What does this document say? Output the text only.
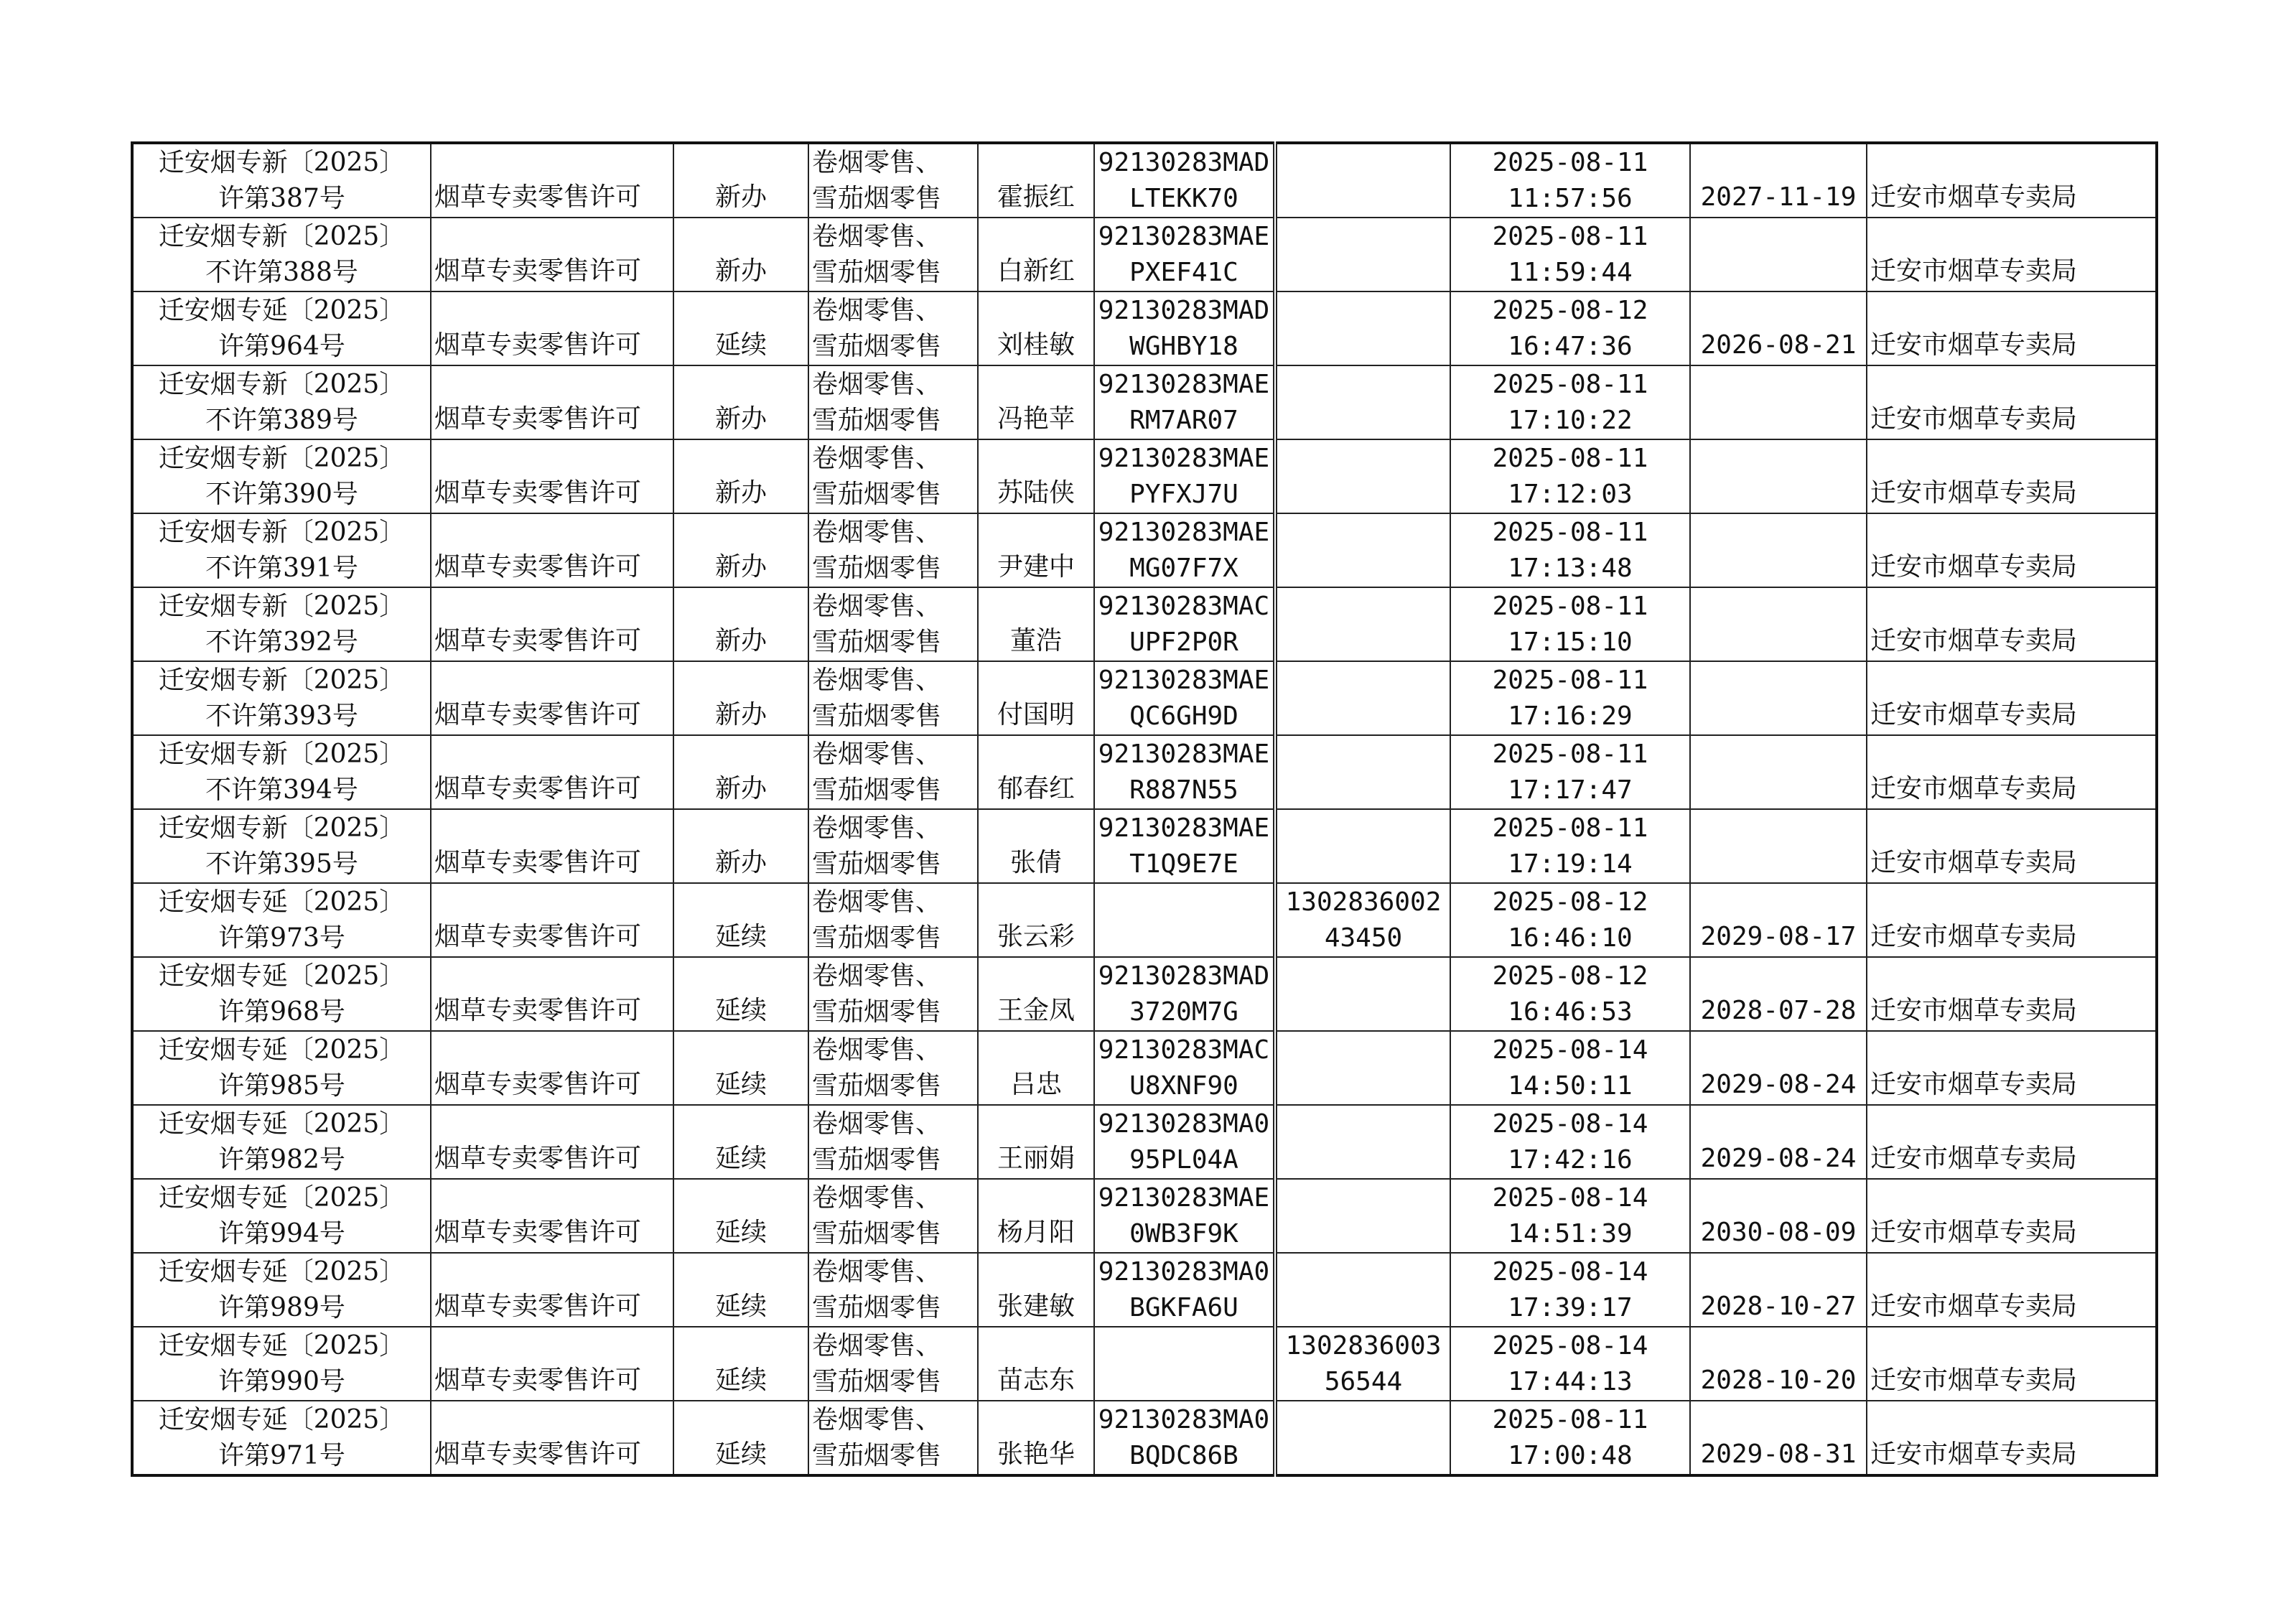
迁安烟专新〔2025〕
许第387号	烟草专卖零售许可	新办	卷烟零售、
雪茄烟零售	霍振红	92130283MAD
LTEKK70		2025-08-11
11:57:56	2027-11-19	迁安市烟草专卖局

迁安烟专新〔2025〕
不许第388号	烟草专卖零售许可	新办	卷烟零售、
雪茄烟零售	白新红	92130283MAE
PXEF41C		2025-08-11
11:59:44		迁安市烟草专卖局

迁安烟专延〔2025〕
许第964号	烟草专卖零售许可	延续	卷烟零售、
雪茄烟零售	刘桂敏	92130283MAD
WGHBY18		2025-08-12
16:47:36	2026-08-21	迁安市烟草专卖局

迁安烟专新〔2025〕
不许第389号	烟草专卖零售许可	新办	卷烟零售、
雪茄烟零售	冯艳苹	92130283MAE
RM7AR07		2025-08-11
17:10:22		迁安市烟草专卖局

迁安烟专新〔2025〕
不许第390号	烟草专卖零售许可	新办	卷烟零售、
雪茄烟零售	苏陆侠	92130283MAE
PYFXJ7U		2025-08-11
17:12:03		迁安市烟草专卖局

迁安烟专新〔2025〕
不许第391号	烟草专卖零售许可	新办	卷烟零售、
雪茄烟零售	尹建中	92130283MAE
MG07F7X		2025-08-11
17:13:48		迁安市烟草专卖局

迁安烟专新〔2025〕
不许第392号	烟草专卖零售许可	新办	卷烟零售、
雪茄烟零售	董浩	92130283MAC
UPF2P0R		2025-08-11
17:15:10		迁安市烟草专卖局

迁安烟专新〔2025〕
不许第393号	烟草专卖零售许可	新办	卷烟零售、
雪茄烟零售	付国明	92130283MAE
QC6GH9D		2025-08-11
17:16:29		迁安市烟草专卖局

迁安烟专新〔2025〕
不许第394号	烟草专卖零售许可	新办	卷烟零售、
雪茄烟零售	郁春红	92130283MAE
R887N55		2025-08-11
17:17:47		迁安市烟草专卖局

迁安烟专新〔2025〕
不许第395号	烟草专卖零售许可	新办	卷烟零售、
雪茄烟零售	张倩	92130283MAE
T1Q9E7E		2025-08-11
17:19:14		迁安市烟草专卖局

迁安烟专延〔2025〕
许第973号	烟草专卖零售许可	延续	卷烟零售、
雪茄烟零售	张云彩		1302836002
43450	2025-08-12
16:46:10	2029-08-17	迁安市烟草专卖局

迁安烟专延〔2025〕
许第968号	烟草专卖零售许可	延续	卷烟零售、
雪茄烟零售	王金凤	92130283MAD
3720M7G		2025-08-12
16:46:53	2028-07-28	迁安市烟草专卖局

迁安烟专延〔2025〕
许第985号	烟草专卖零售许可	延续	卷烟零售、
雪茄烟零售	吕忠	92130283MAC
U8XNF90		2025-08-14
14:50:11	2029-08-24	迁安市烟草专卖局

迁安烟专延〔2025〕
许第982号	烟草专卖零售许可	延续	卷烟零售、
雪茄烟零售	王丽娟	92130283MA0
95PL04A		2025-08-14
17:42:16	2029-08-24	迁安市烟草专卖局

迁安烟专延〔2025〕
许第994号	烟草专卖零售许可	延续	卷烟零售、
雪茄烟零售	杨月阳	92130283MAE
0WB3F9K		2025-08-14
14:51:39	2030-08-09	迁安市烟草专卖局

迁安烟专延〔2025〕
许第989号	烟草专卖零售许可	延续	卷烟零售、
雪茄烟零售	张建敏	92130283MA0
BGKFA6U		2025-08-14
17:39:17	2028-10-27	迁安市烟草专卖局

迁安烟专延〔2025〕
许第990号	烟草专卖零售许可	延续	卷烟零售、
雪茄烟零售	苗志东		1302836003
56544	2025-08-14
17:44:13	2028-10-20	迁安市烟草专卖局

迁安烟专延〔2025〕
许第971号	烟草专卖零售许可	延续	卷烟零售、
雪茄烟零售	张艳华	92130283MA0
BQDC86B		2025-08-11
17:00:48	2029-08-31	迁安市烟草专卖局
